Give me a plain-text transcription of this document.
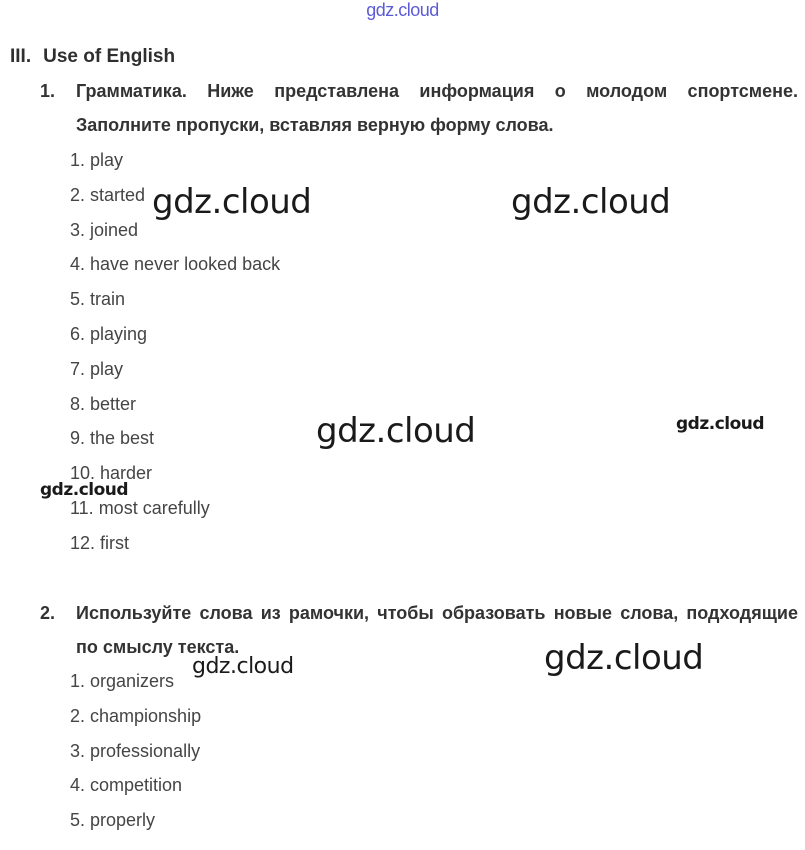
gdz.cloud
III. Use of English
1. Грамматика. Ниже представлена информация о молодом спортсмене. Заполните пропуски, вставляя верную форму слова.
1. play
2. started
3. joined
4. have never looked back
5. train
6. playing
7. play
8. better
9. the best
10. harder
11. most carefully
12. first
2. Используйте слова из рамочки, чтобы образовать новые слова, подходящие по смыслу текста.
1. organizers
2. championship
3. professionally
4. competition
5. properly
gdz.cloud	gdz.cloud
gdz.cloud	gdz.cloud
gdz.cloud
gdz.cloud	gdz.cloud
